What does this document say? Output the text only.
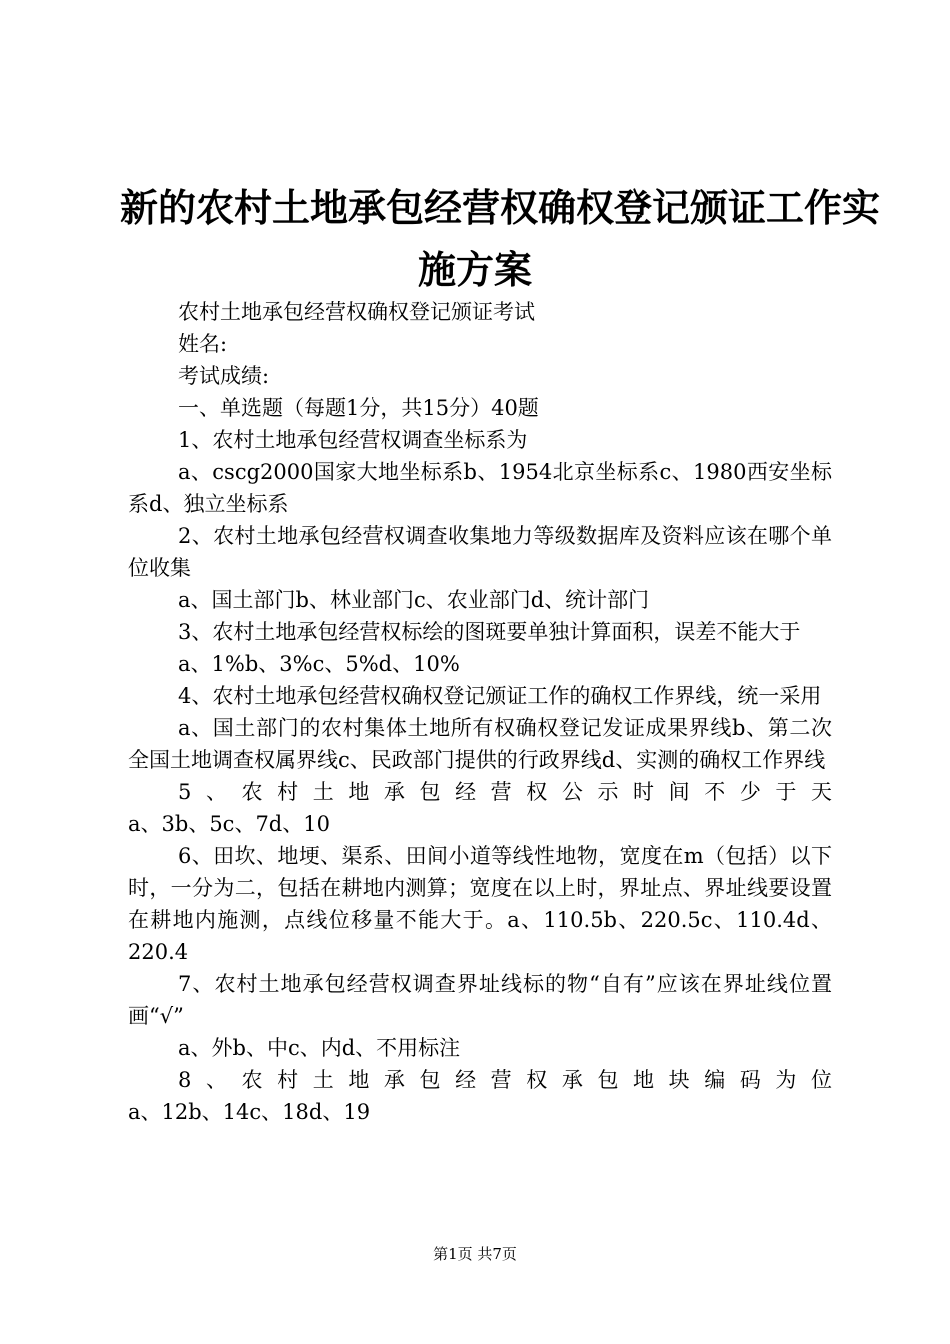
新的农村土地承包经营权确权登记颁证工作实
施方案

农村土地承包经营权确权登记颁证考试

姓名:

考试成绩:

一、单选题（每题1分，共15分）40题

1、农村土地承包经营权调查坐标系为

a、cscg2000国家大地坐标系b、1954北京坐标系c、1980西安坐标系d、独立坐标系

2、农村土地承包经营权调查收集地力等级数据库及资料应该在哪个单位收集

a、国土部门b、林业部门c、农业部门d、统计部门

3、农村土地承包经营权标绘的图斑要单独计算面积，误差不能大于

a、1%b、3%c、5%d、10%

4、农村土地承包经营权确权登记颁证工作的确权工作界线，统一采用

a、国土部门的农村集体土地所有权确权登记发证成果界线b、第二次全国土地调查权属界线c、民政部门提供的行政界线d、实测的确权工作界线

5、农村土地承包经营权公示时间不少于天

a、3b、5c、7d、10

6、田坎、地埂、渠系、田间小道等线性地物，宽度在m（包括）以下时，一分为二，包括在耕地内测算；宽度在以上时，界址点、界址线要设置在耕地内施测，点线位移量不能大于。a、110.5b、220.5c、110.4d、220.4

7、农村土地承包经营权调查界址线标的物“自有”应该在界址线位置画“√”

a、外b、中c、内d、不用标注

8、农村土地承包经营权承包地块编码为位

a、12b、14c、18d、19

第1页 共7页
